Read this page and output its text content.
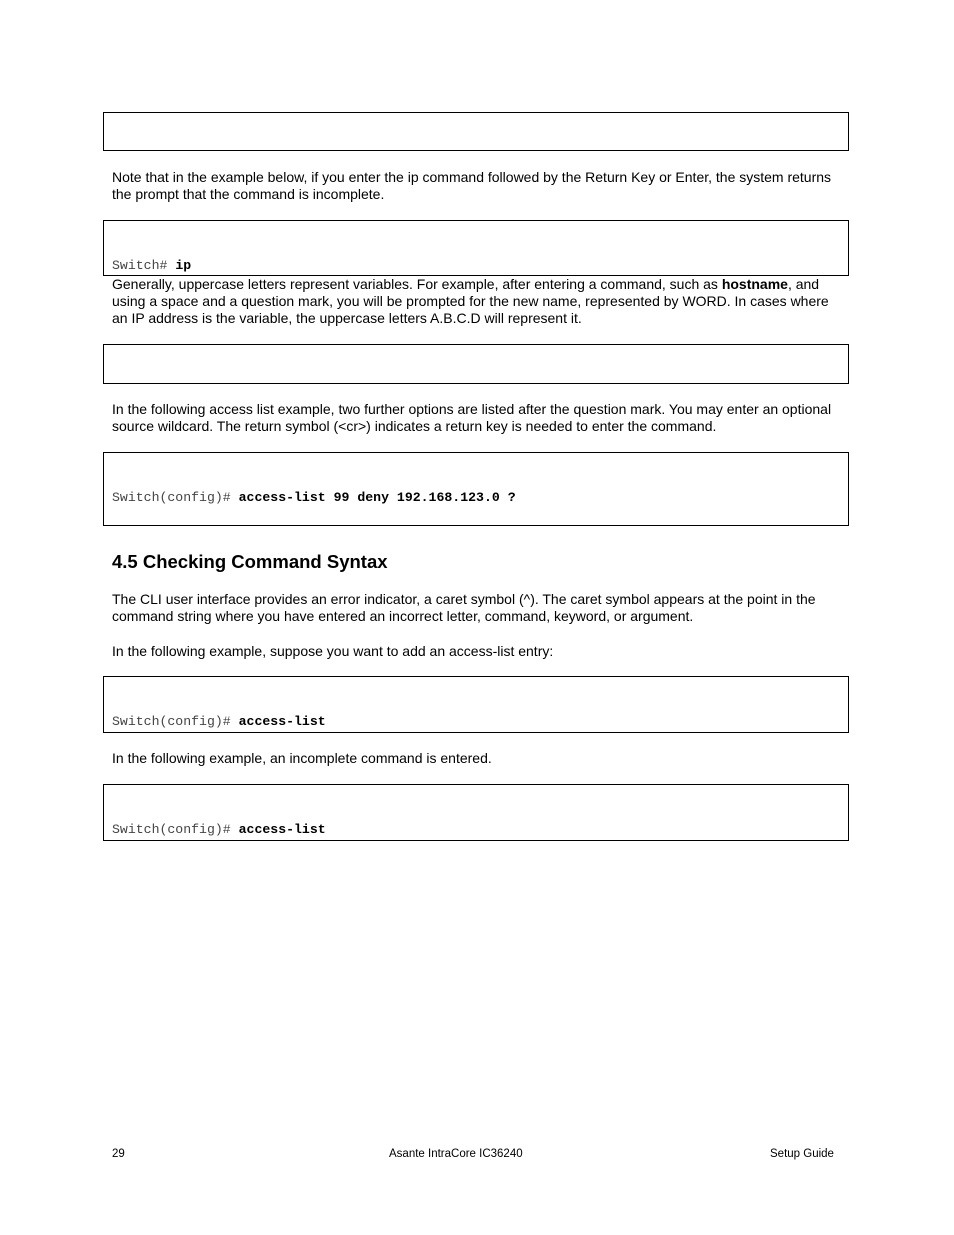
Note that in the example below, if you enter the ip command followed by the Return Key or Enter, the system returns the prompt that the command is incomplete.

Switch# ip

Generally, uppercase letters represent variables. For example, after entering a command, such as hostname, and using a space and a question mark, you will be prompted for the new name, represented by WORD. In cases where an IP address is the variable, the uppercase letters A.B.C.D will represent it.

In the following access list example, two further options are listed after the question mark. You may enter an optional source wildcard. The return symbol (<cr>) indicates a return key is needed to enter the command.

Switch(config)# access-list 99 deny 192.168.123.0 ?

4.5 Checking Command Syntax
The CLI user interface provides an error indicator, a caret symbol (^). The caret symbol appears at the point in the command string where you have entered an incorrect letter, command, keyword, or argument.
In the following example, suppose you want to add an access-list entry:

Switch(config)# access-list

In the following example, an incomplete command is entered.

Switch(config)# access-list

29	Asante IntraCore IC36240	Setup Guide
